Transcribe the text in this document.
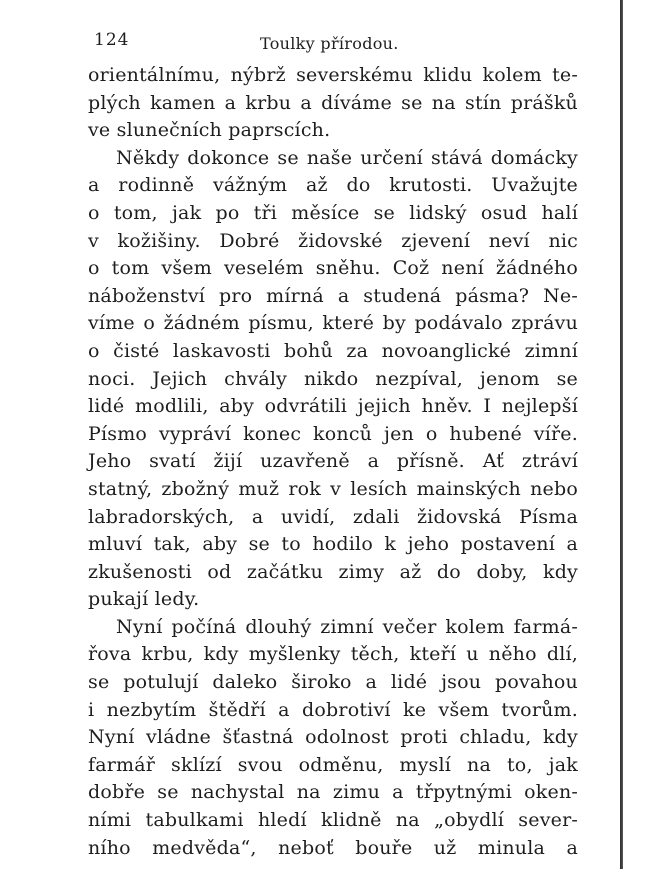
124	Toulky přírodou.
orientálnímu, nýbrž severskému klidu kolem te-
plých kamen a krbu a díváme se na stín prášků
ve slunečních paprscích.
Někdy dokonce se naše určení stává domácky
a rodinně vážným až do krutosti. Uvažujte
o tom, jak po tři měsíce se lidský osud halí
v kožišiny. Dobré židovské zjevení neví nic
o tom všem veselém sněhu. Což není žádného
náboženství pro mírná a studená pásma? Ne-
víme o žádném písmu, které by podávalo zprávu
o čisté laskavosti bohů za novoanglické zimní
noci. Jejich chvály nikdo nezpíval, jenom se
lidé modlili, aby odvrátili jejich hněv. I nejlepší
Písmo vypráví konec konců jen o hubené víře.
Jeho svatí žijí uzavřeně a přísně. Ať ztráví
statný, zbožný muž rok v lesích mainských nebo
labradorských, a uvidí, zdali židovská Písma
mluví tak, aby se to hodilo k jeho postavení a
zkušenosti od začátku zimy až do doby, kdy
pukají ledy.
Nyní počíná dlouhý zimní večer kolem farmá-
řova krbu, kdy myšlenky těch, kteří u něho dlí,
se potulují daleko široko a lidé jsou povahou
i nezbytím štědří a dobrotiví ke všem tvorům.
Nyní vládne šťastná odolnost proti chladu, kdy
farmář sklízí svou odměnu, myslí na to, jak
dobře se nachystal na zimu a třpytnými oken-
ními tabulkami hledí klidně na „obydlí sever-
ního medvěda“, neboť bouře už minula a
